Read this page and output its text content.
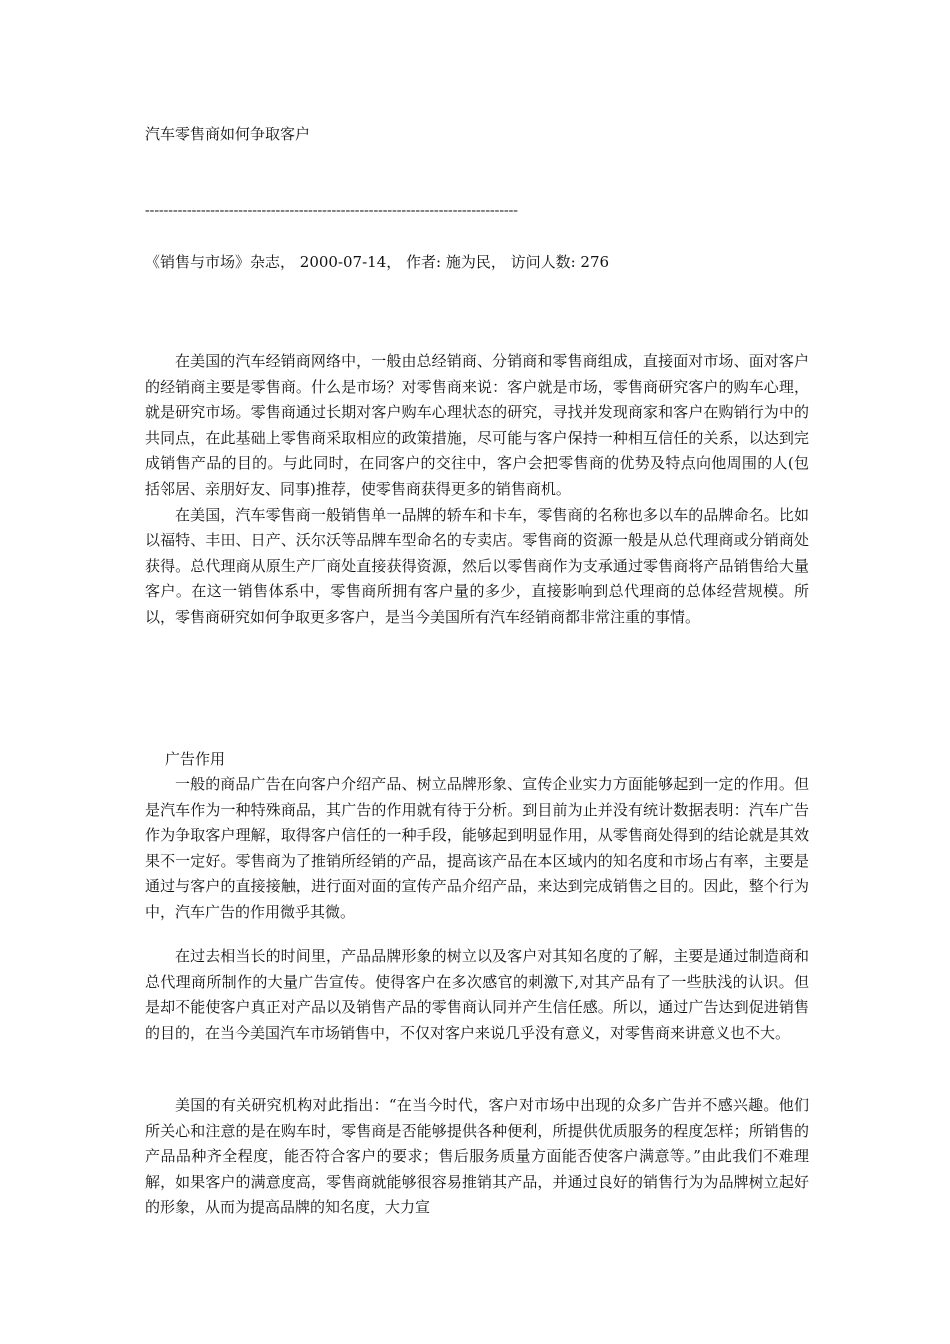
汽车零售商如何争取客户
--------------------------------------------------------------------------------
《销售与市场》杂志， 2000-07-14， 作者: 施为民， 访问人数: 276

在美国的汽车经销商网络中，一般由总经销商、分销商和零售商组成，直接面对市场、面对客户的经销商主要是零售商。什么是市场？对零售商来说：客户就是市场，零售商研究客户的购车心理，就是研究市场。零售商通过长期对客户购车心理状态的研究，寻找并发现商家和客户在购销行为中的共同点，在此基础上零售商采取相应的政策措施，尽可能与客户保持一种相互信任的关系，以达到完成销售产品的目的。与此同时，在同客户的交往中，客户会把零售商的优势及特点向他周围的人(包括邻居、亲朋好友、同事)推荐，使零售商获得更多的销售商机。

在美国，汽车零售商一般销售单一品牌的轿车和卡车，零售商的名称也多以车的品牌命名。比如以福特、丰田、日产、沃尔沃等品牌车型命名的专卖店。零售商的资源一般是从总代理商或分销商处获得。总代理商从原生产厂商处直接获得资源，然后以零售商作为支承通过零售商将产品销售给大量客户。在这一销售体系中，零售商所拥有客户量的多少，直接影响到总代理商的总体经营规模。所以，零售商研究如何争取更多客户，是当今美国所有汽车经销商都非常注重的事情。

广告作用

一般的商品广告在向客户介绍产品、树立品牌形象、宣传企业实力方面能够起到一定的作用。但是汽车作为一种特殊商品，其广告的作用就有待于分析。到目前为止并没有统计数据表明：汽车广告作为争取客户理解，取得客户信任的一种手段，能够起到明显作用，从零售商处得到的结论就是其效果不一定好。零售商为了推销所经销的产品，提高该产品在本区域内的知名度和市场占有率，主要是通过与客户的直接接触，进行面对面的宣传产品介绍产品，来达到完成销售之目的。因此，整个行为中，汽车广告的作用微乎其微。

在过去相当长的时间里，产品品牌形象的树立以及客户对其知名度的了解，主要是通过制造商和总代理商所制作的大量广告宣传。使得客户在多次感官的刺激下,对其产品有了一些肤浅的认识。但是却不能使客户真正对产品以及销售产品的零售商认同并产生信任感。所以，通过广告达到促进销售的目的，在当今美国汽车市场销售中，不仅对客户来说几乎没有意义，对零售商来讲意义也不大。

美国的有关研究机构对此指出：“在当今时代，客户对市场中出现的众多广告并不感兴趣。他们所关心和注意的是在购车时，零售商是否能够提供各种便利，所提供优质服务的程度怎样；所销售的产品品种齐全程度，能否符合客户的要求；售后服务质量方面能否使客户满意等。”由此我们不难理解，如果客户的满意度高，零售商就能够很容易推销其产品，并通过良好的销售行为为品牌树立起好的形象，从而为提高品牌的知名度，大力宣
